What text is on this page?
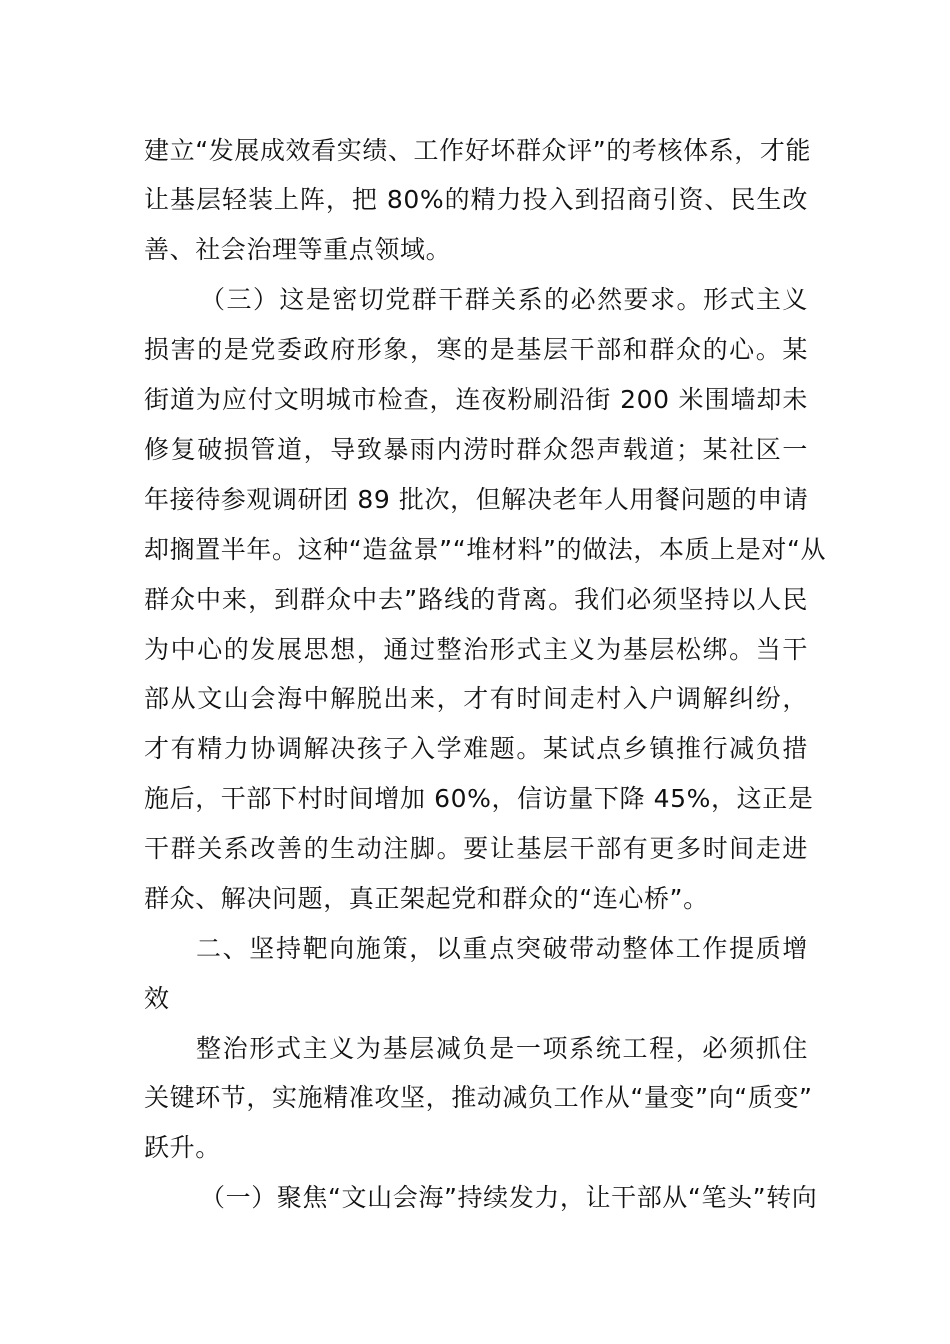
建立“发展成效看实绩、工作好坏群众评”的考核体系，才能
让基层轻装上阵，把 80%的精力投入到招商引资、民生改
善、社会治理等重点领域。
（三）这是密切党群干群关系的必然要求。形式主义
损害的是党委政府形象，寒的是基层干部和群众的心。某
街道为应付文明城市检查，连夜粉刷沿街 200 米围墙却未
修复破损管道，导致暴雨内涝时群众怨声载道；某社区一
年接待参观调研团 89 批次，但解决老年人用餐问题的申请
却搁置半年。这种“造盆景”“堆材料”的做法，本质上是对“从
群众中来，到群众中去”路线的背离。我们必须坚持以人民
为中心的发展思想，通过整治形式主义为基层松绑。当干
部从文山会海中解脱出来，才有时间走村入户调解纠纷，
才有精力协调解决孩子入学难题。某试点乡镇推行减负措
施后，干部下村时间增加 60%，信访量下降 45%，这正是
干群关系改善的生动注脚。要让基层干部有更多时间走进
群众、解决问题，真正架起党和群众的“连心桥”。
二、坚持靶向施策，以重点突破带动整体工作提质增
效
整治形式主义为基层减负是一项系统工程，必须抓住
关键环节，实施精准攻坚，推动减负工作从“量变”向“质变”
跃升。
（一）聚焦“文山会海”持续发力，让干部从“笔头”转向
